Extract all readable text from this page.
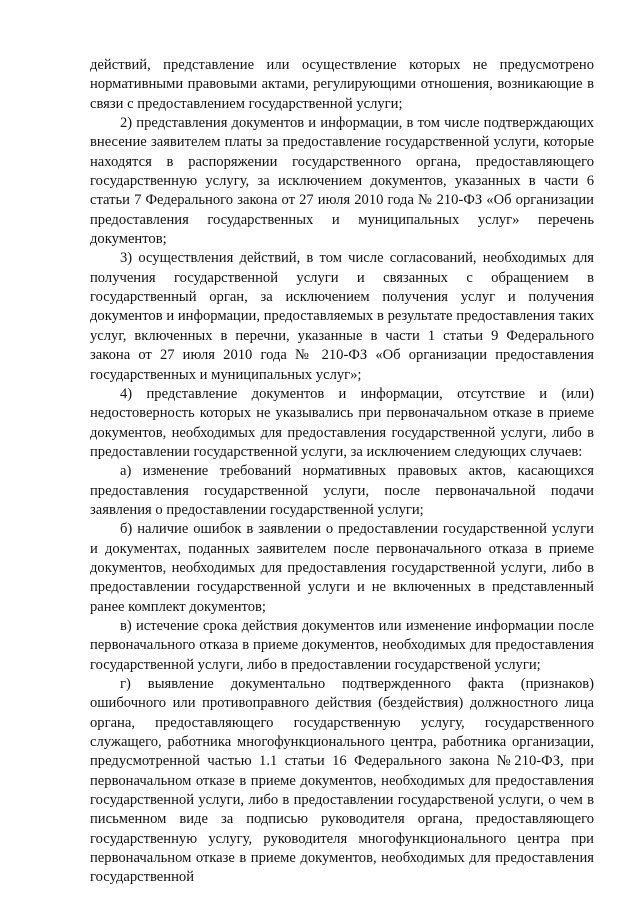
действий, представление или осуществление которых не предусмотрено нормативными правовыми актами, регулирующими отношения, возникающие в связи с предоставлением государственной услуги;

2) представления документов и информации, в том числе подтверждающих внесение заявителем платы за предоставление государственной услуги, которые находятся в распоряжении государственного органа, предоставляющего государственную услугу, за исключением документов, указанных в части 6 статьи 7 Федерального закона от 27 июля 2010 года № 210-ФЗ «Об организации предоставления государственных и муниципальных услуг» перечень документов;

3) осуществления действий, в том числе согласований, необходимых для получения государственной услуги и связанных с обращением в государственный орган, за исключением получения услуг и получения документов и информации, предоставляемых в результате предоставления таких услуг, включенных в перечни, указанные в части 1 статьи 9 Федерального закона от 27 июля 2010 года № 210-ФЗ «Об организации предоставления государственных и муниципальных услуг»;

4) представление документов и информации, отсутствие и (или) недостоверность которых не указывались при первоначальном отказе в приеме документов, необходимых для предоставления государственной услуги, либо в предоставлении государственной услуги, за исключением следующих случаев:

а) изменение требований нормативных правовых актов, касающихся предоставления государственной услуги, после первоначальной подачи заявления о предоставлении государственной услуги;

б) наличие ошибок в заявлении о предоставлении государственной услуги и документах, поданных заявителем после первоначального отказа в приеме документов, необходимых для предоставления государственной услуги, либо в предоставлении государственной услуги и не включенных в представленный ранее комплект документов;

в) истечение срока действия документов или изменение информации после первоначального отказа в приеме документов, необходимых для предоставления государственной услуги, либо в предоставлении государственой услуги;

г) выявление документально подтвержденного факта (признаков) ошибочного или противоправного действия (бездействия) должностного лица органа, предоставляющего государственную услугу, государственного служащего, работника многофункционального центра, работника организации, предусмотренной частью 1.1 статьи 16 Федерального закона №210-ФЗ, при первоначальном отказе в приеме документов, необходимых для предоставления государственной услуги, либо в предоставлении государственой услуги, о чем в письменном виде за подписью руководителя органа, предоставляющего государственную услугу, руководителя многофункционального центра при первоначальном отказе в приеме документов, необходимых для предоставления государственной
